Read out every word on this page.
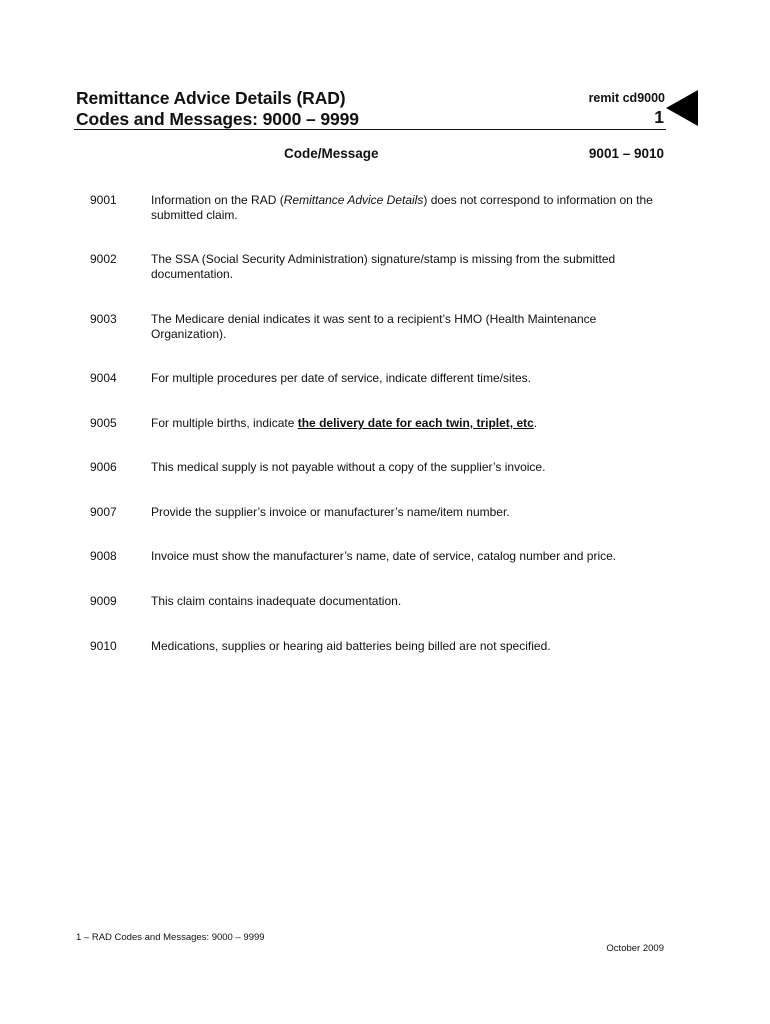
Remittance Advice Details (RAD)
Codes and Messages: 9000 – 9999
remit cd9000
1
Code/Message	9001 – 9010
9001	Information on the RAD (Remittance Advice Details) does not correspond to information on the submitted claim.
9002	The SSA (Social Security Administration) signature/stamp is missing from the submitted documentation.
9003	The Medicare denial indicates it was sent to a recipient’s HMO (Health Maintenance Organization).
9004	For multiple procedures per date of service, indicate different time/sites.
9005	For multiple births, indicate the delivery date for each twin, triplet, etc.
9006	This medical supply is not payable without a copy of the supplier’s invoice.
9007	Provide the supplier’s invoice or manufacturer’s name/item number.
9008	Invoice must show the manufacturer’s name, date of service, catalog number and price.
9009	This claim contains inadequate documentation.
9010	Medications, supplies or hearing aid batteries being billed are not specified.
1 – RAD Codes and Messages: 9000 – 9999
October 2009
